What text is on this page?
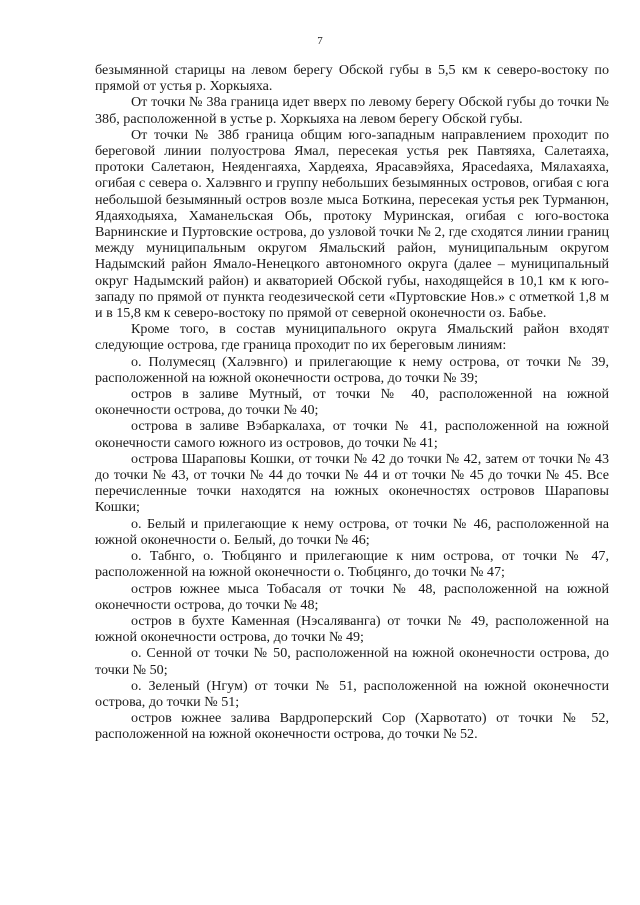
7

безымянной старицы на левом берегу Обской губы в 5,5 км к северо-востоку по прямой от устья р. Хоркыяха.

От точки № 38а граница идет вверх по левому берегу Обской губы до точки № 38б, расположенной в устье р. Хоркыяха на левом берегу Обской губы.

От точки № 38б граница общим юго-западным направлением проходит по береговой линии полуострова Ямал, пересекая устья рек Павтяяха, Салетаяха, протоки Салетаюн, Неяденгаяха, Хардеяха, Ярасавэйяха, Ярасеdаяха, Мялахаяха, огибая с севера о. Халэвнго и группу небольших безымянных островов, огибая с юга небольшой безымянный остров возле мыса Боткина, пересекая устья рек Турманюн, Ядаяходыяха, Хаманельская Обь, протоку Муринская, огибая с юго-востока Варнинские и Пуртовские острова, до узловой точки № 2, где сходятся линии границ между муниципальным округом Ямальский район, муниципальным округом Надымский район Ямало-Ненецкого автономного округа (далее – муниципальный округ Надымский район) и акваторией Обской губы, находящейся в 10,1 км к юго-западу по прямой от пункта геодезической сети «Пуртовские Нов.» с отметкой 1,8 м и в 15,8 км к северо-востоку по прямой от северной оконечности оз. Бабье.

Кроме того, в состав муниципального округа Ямальский район входят следующие острова, где граница проходит по их береговым линиям:

о. Полумесяц (Халэвнго) и прилегающие к нему острова, от точки № 39, расположенной на южной оконечности острова, до точки № 39;

остров в заливе Мутный, от точки № 40, расположенной на южной оконечности острова, до точки № 40;

острова в заливе Вэбаркалаха, от точки № 41, расположенной на южной оконечности самого южного из островов, до точки № 41;

острова Шараповы Кошки, от точки № 42 до точки № 42, затем от точки № 43 до точки № 43, от точки № 44 до точки № 44 и от точки № 45 до точки № 45. Все перечисленные точки находятся на южных оконечностях островов Шараповы Кошки;

о. Белый и прилегающие к нему острова, от точки № 46, расположенной на южной оконечности о. Белый, до точки № 46;

о. Табнго, о. Тюбцянго и прилегающие к ним острова, от точки № 47, расположенной на южной оконечности о. Тюбцянго, до точки № 47;

остров южнее мыса Тобасаля от точки № 48, расположенной на южной оконечности острова, до точки № 48;

остров в бухте Каменная (Нэсаляванга) от точки № 49, расположенной на южной оконечности острова, до точки № 49;

о. Сенной от точки № 50, расположенной на южной оконечности острова, до точки № 50;

о. Зеленый (Нгум) от точки № 51, расположенной на южной оконечности острова, до точки № 51;

остров южнее залива Вардроперский Сор (Харвотато) от точки № 52, расположенной на южной оконечности острова, до точки № 52.
